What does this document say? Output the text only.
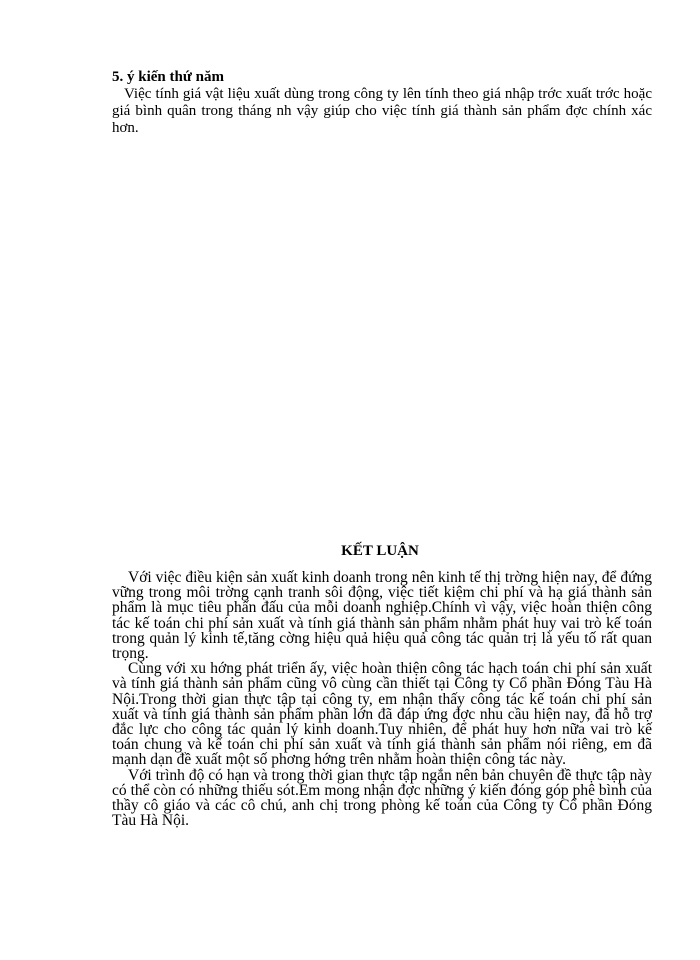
5. ý kiến thứ năm

Việc tính giá vật liệu xuất dùng trong công ty lên tính theo giá nhập trớc xuất trớc hoặc giá bình quân trong tháng nh vậy giúp cho việc tính giá thành sản phẩm đợc chính xác hơn.

KẾT LUẬN

Với việc điều kiện sản xuất kinh doanh trong nên kinh tế thị trờng hiện nay, để đứng vững trong môi trờng cạnh tranh sôi động, việc tiết kiệm chi phí và hạ giá thành sản phẩm là mục tiêu phấn đấu của mỗi doanh nghiệp.Chính vì vậy, việc hoàn thiện công tác kế toán chi phí sản xuất và tính giá thành sản phẩm nhằm phát huy vai trò kế toán trong quản lý kinh tế,tăng cờng hiệu quả hiệu quả công tác quản trị là yếu tố rất quan trọng.

Cùng với xu hớng phát triển ấy, việc hoàn thiện công tác hạch toán chi phí sản xuất và tính giá thành sản phẩm cũng vô cùng cần thiết tại Công ty Cổ phần Đóng Tàu Hà Nội.Trong thời gian thực tập tại công ty, em nhận thấy công tác kế toán chi phí sản xuất và tính giá thành sản phẩm phần lớn đã đáp ứng đợc nhu cầu hiện nay, đã hỗ trợ đắc lực cho công tác quản lý kinh doanh.Tuy nhiên, để phát huy hơn nữa vai trò kế toán chung và kế toán chi phí sản xuất và tính giá thành sản phẩm nói riêng, em đã mạnh dạn đề xuất một số phơng hớng trên nhằm hoàn thiện công tác này.

Với trình độ có hạn và trong thời gian thực tập ngắn nên bản chuyên đề thực tập này có thể còn có những thiếu sót.Em mong nhận đợc những ý kiến đóng góp phê bình của thầy cô giáo và các cô chú, anh chị trong phòng kế toán của Công ty Cổ phần Đóng Tàu Hà Nội.
